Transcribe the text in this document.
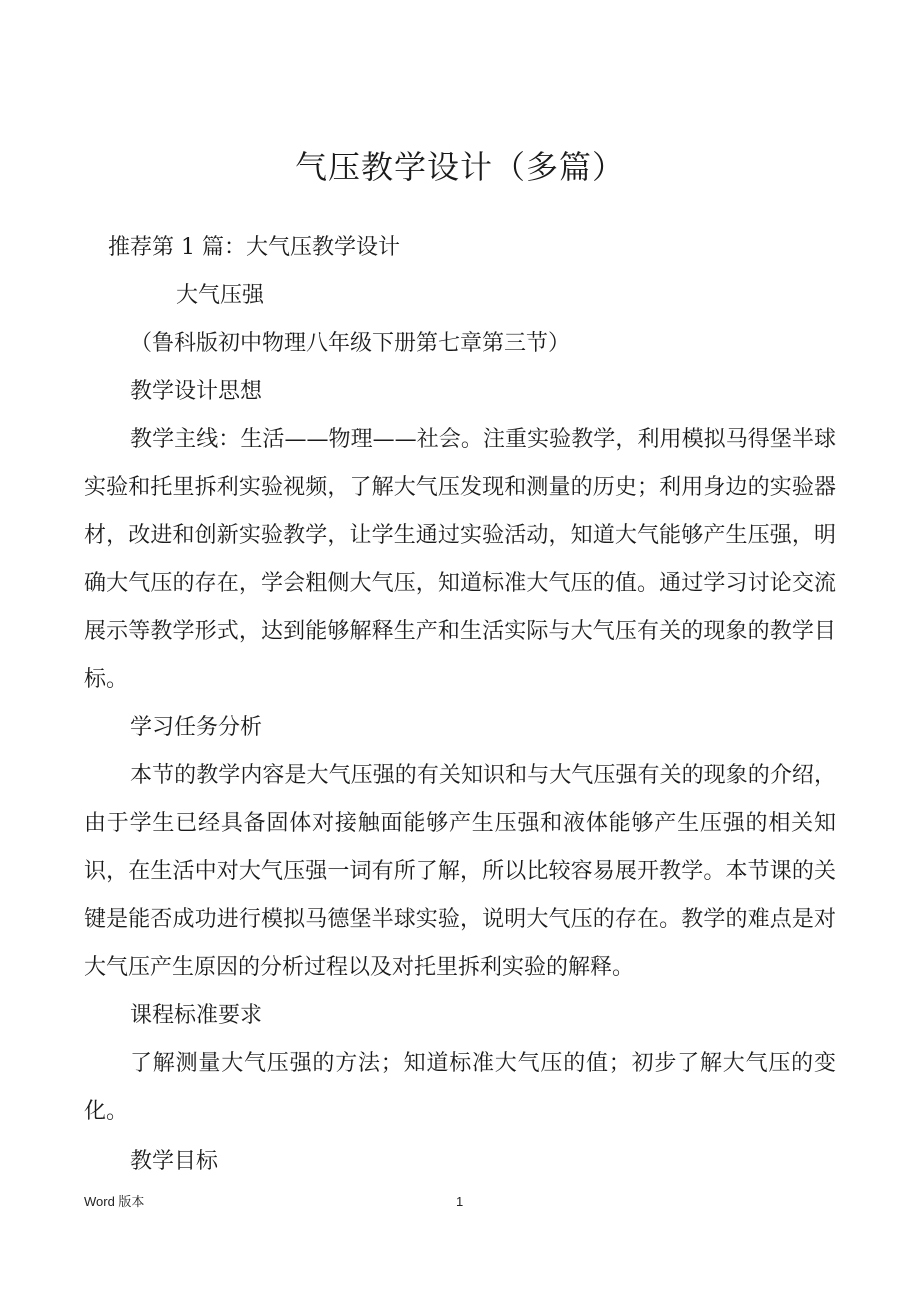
气压教学设计（多篇）
推荐第 1 篇：大气压教学设计
大气压强
（鲁科版初中物理八年级下册第七章第三节）
教学设计思想
教学主线：生活——物理——社会。注重实验教学，利用模拟马得堡半球实验和托里拆利实验视频，了解大气压发现和测量的历史；利用身边的实验器材，改进和创新实验教学，让学生通过实验活动，知道大气能够产生压强，明确大气压的存在，学会粗侧大气压，知道标准大气压的值。通过学习讨论交流展示等教学形式，达到能够解释生产和生活实际与大气压有关的现象的教学目标。
学习任务分析
本节的教学内容是大气压强的有关知识和与大气压强有关的现象的介绍，由于学生已经具备固体对接触面能够产生压强和液体能够产生压强的相关知识，在生活中对大气压强一词有所了解，所以比较容易展开教学。本节课的关键是能否成功进行模拟马德堡半球实验，说明大气压的存在。教学的难点是对大气压产生原因的分析过程以及对托里拆利实验的解释。
课程标准要求
了解测量大气压强的方法；知道标准大气压的值；初步了解大气压的变化。
教学目标
Word 版本	1
